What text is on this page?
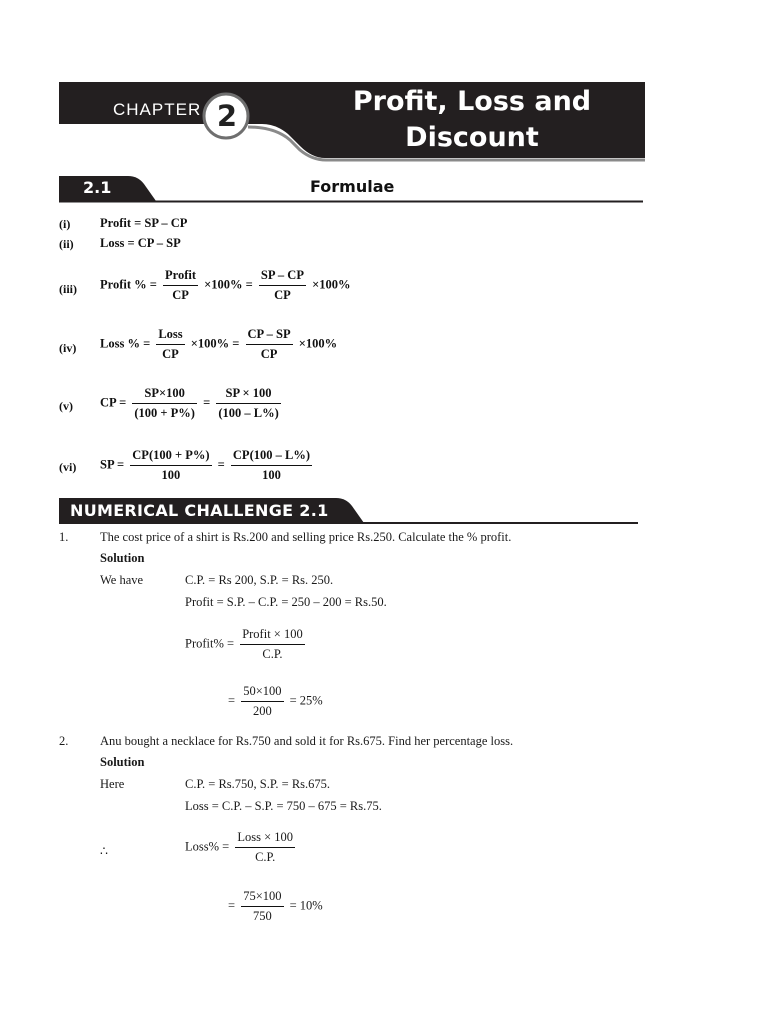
CHAPTER 2	Profit, Loss and
Discount
2.1	Formulae
(i) Profit = SP – CP
(ii) Loss = CP – SP
(iii) Profit % = $\frac{\text{Profit}}{CP} \times 100\% = \frac{SP - CP}{CP} \times 100\%$
(iv) Loss % = $\frac{\text{Loss}}{CP} \times 100\% = \frac{CP - SP}{CP} \times 100\%$
(v) CP = $\frac{SP\times 100}{(100 + P\%)} = \frac{SP \times 100}{(100 - L\%)}$
(vi) SP = $\frac{CP(100 + P\%)}{100} = \frac{CP(100 - L\%)}{100}$
NUMERICAL CHALLENGE 2.1
1.	The cost price of a shirt is Rs.200 and selling price Rs.250. Calculate the % profit.
Solution
We have	C.P. = Rs 200, S.P. = Rs. 250.
Profit = S.P. – C.P. = 250 – 200 = Rs.50.
Profit% = $\frac{\text{Profit × 100}}{C.P.}$
= $\frac{50\times 100}{200} = 25\%$
2.	Anu bought a necklace for Rs.750 and sold it for Rs.675. Find her percentage loss.
Solution
Here	C.P. = Rs.750, S.P. = Rs.675.
Loss = C.P. – S.P. = 750 – 675 = Rs.75.
∴	Loss% = $\frac{\text{Loss × 100}}{C.P.}$
= $\frac{75\times 100}{750} = 10\%$
